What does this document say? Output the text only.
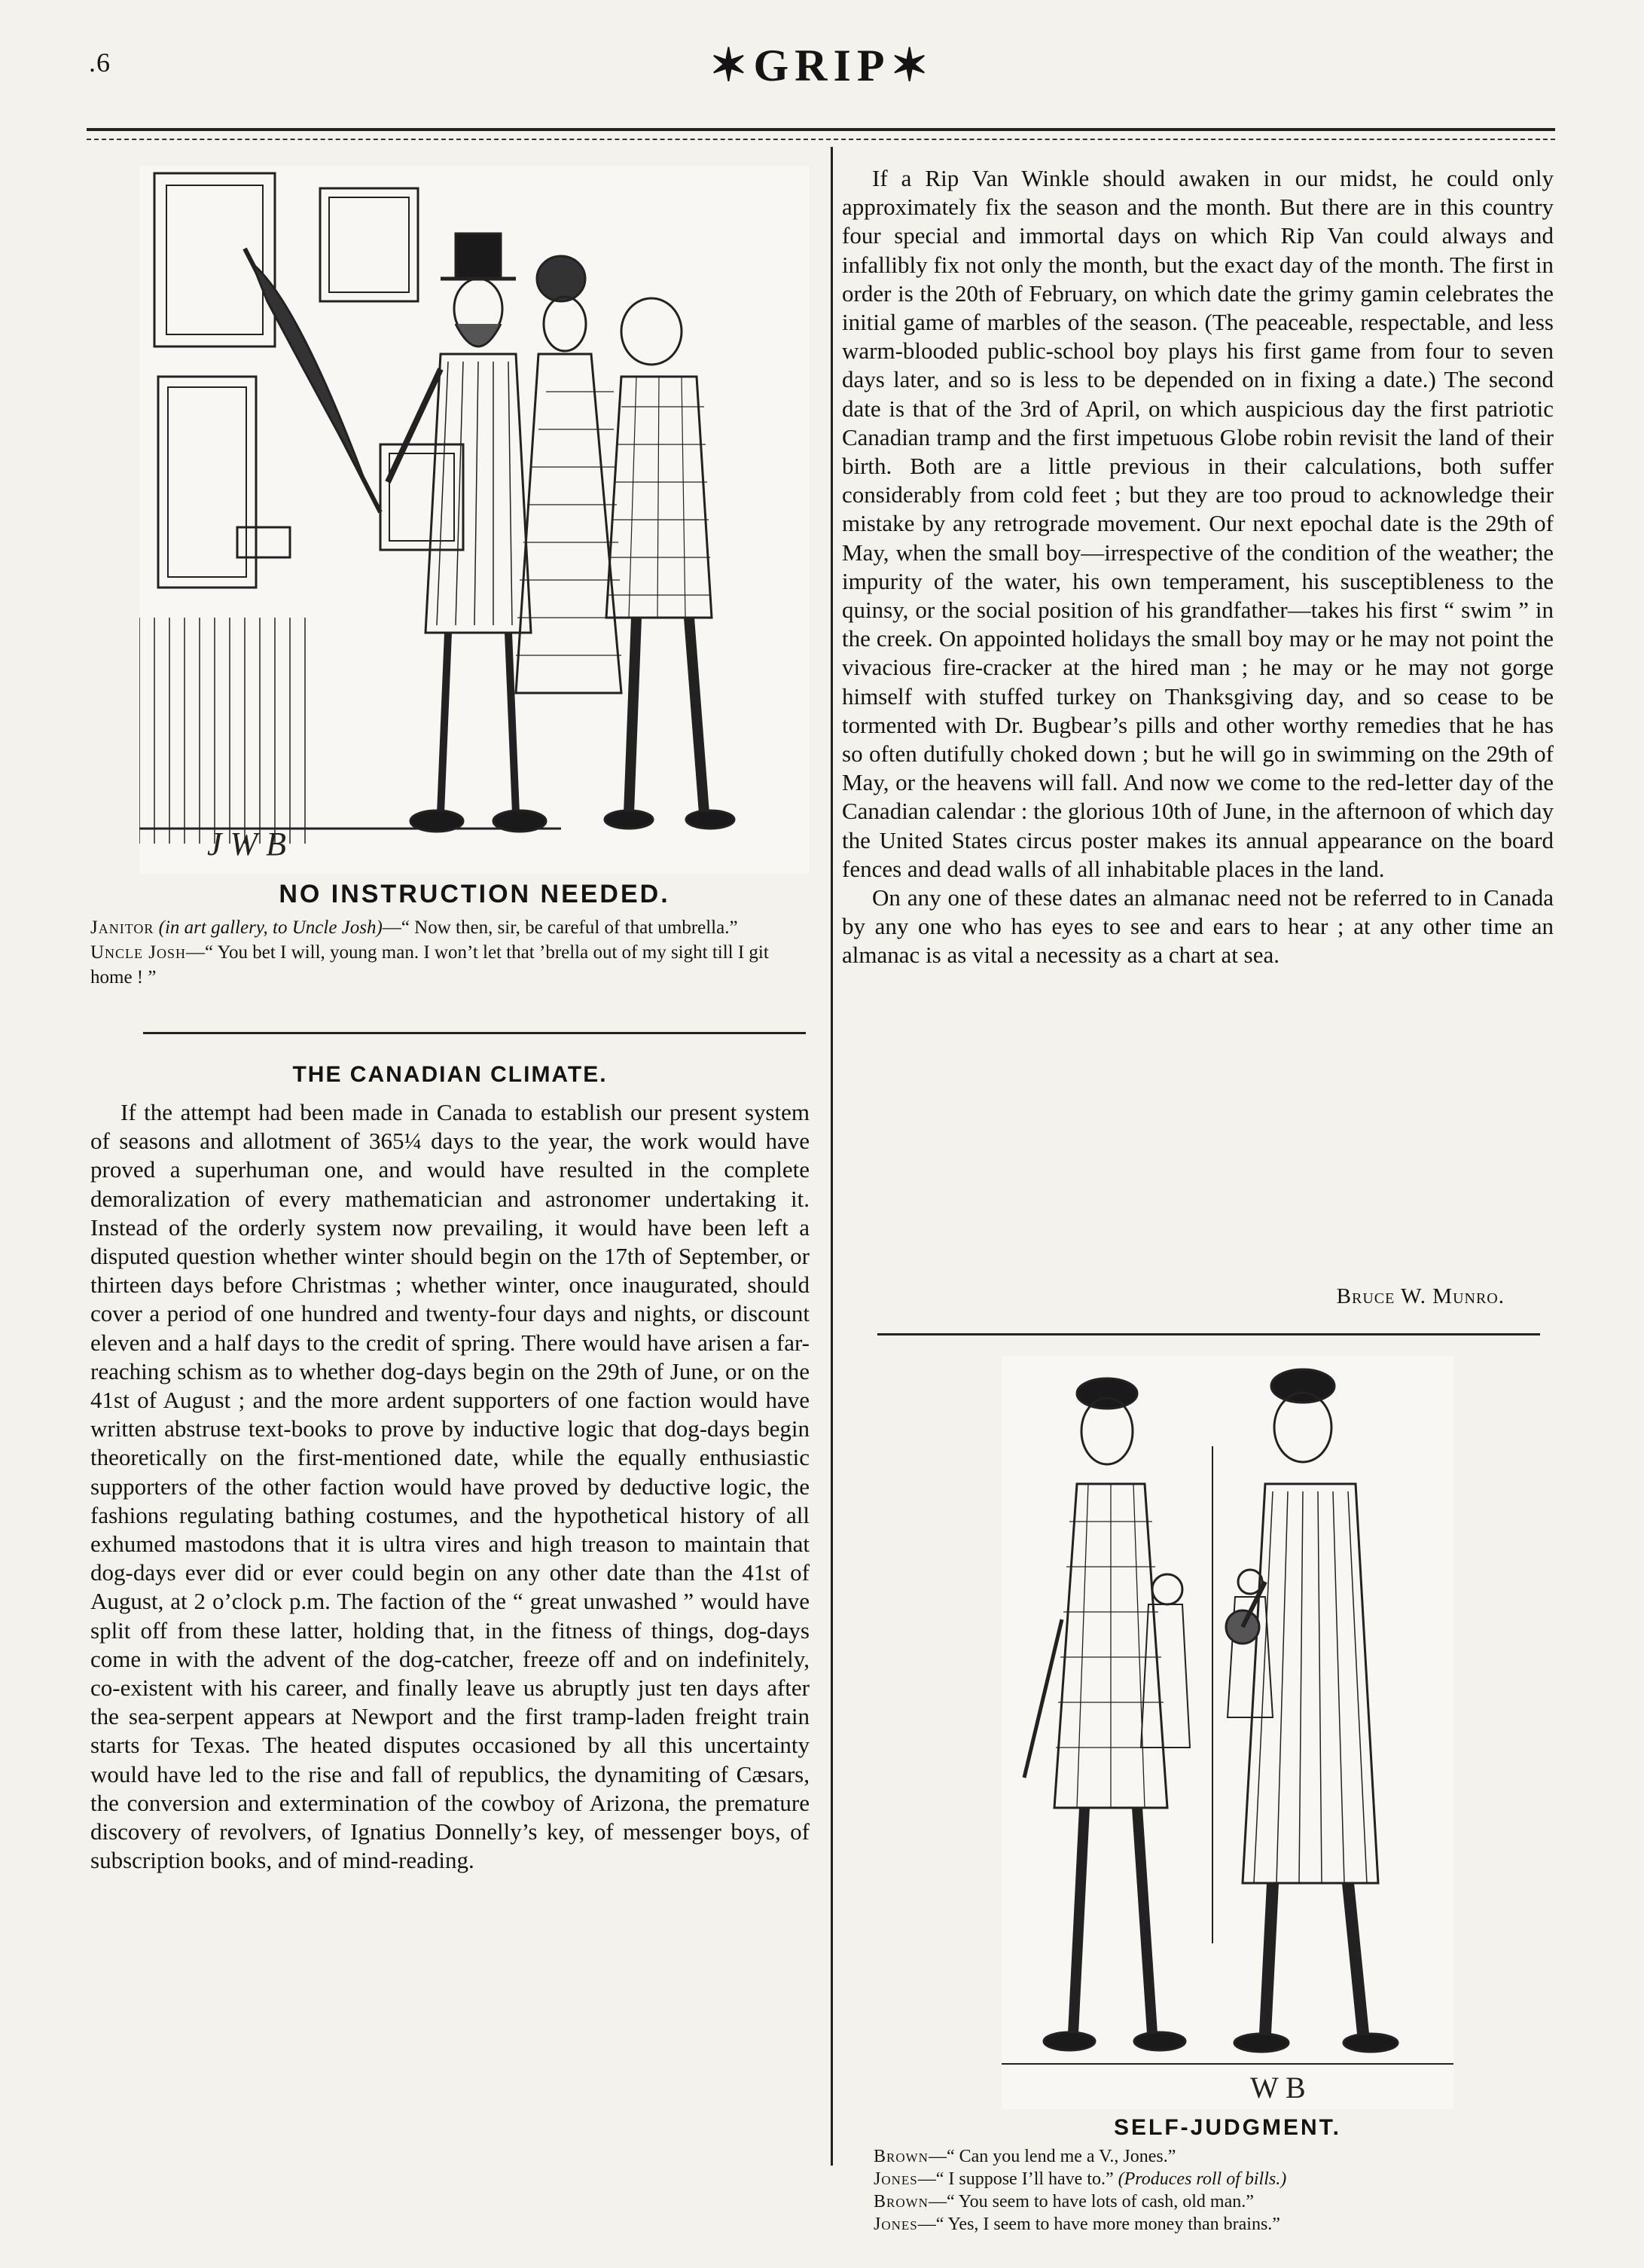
.6	✶GRIP✶
J W B
NO INSTRUCTION NEEDED.
Janitor (in art gallery, to Uncle Josh)—“ Now then, sir, be careful of that umbrella.”
Uncle Josh—“ You bet I will, young man. I won’t let that ’brella out of my sight till I git home ! ”
THE CANADIAN CLIMATE.

If the attempt had been made in Canada to establish our present system of seasons and allotment of 365¼ days to the year, the work would have proved a superhuman one, and would have resulted in the complete demoralization of every mathematician and astronomer undertaking it. Instead of the orderly system now prevailing, it would have been left a disputed question whether winter should begin on the 17th of September, or thirteen days before Christmas ; whether winter, once inaugurated, should cover a period of one hundred and twenty-four days and nights, or discount eleven and a half days to the credit of spring. There would have arisen a far-reaching schism as to whether dog-days begin on the 29th of June, or on the 41st of August ; and the more ardent supporters of one faction would have written abstruse text-books to prove by inductive logic that dog-days begin theoretically on the first-mentioned date, while the equally enthusiastic supporters of the other faction would have proved by deductive logic, the fashions regulating bathing costumes, and the hypothetical history of all exhumed mastodons that it is ultra vires and high treason to maintain that dog-days ever did or ever could begin on any other date than the 41st of August, at 2 o’clock p.m. The faction of the “ great unwashed ” would have split off from these latter, holding that, in the fitness of things, dog-days come in with the advent of the dog-catcher, freeze off and on indefinitely, co-existent with his career, and finally leave us abruptly just ten days after the sea-serpent appears at Newport and the first tramp-laden freight train starts for Texas. The heated disputes occasioned by all this uncertainty would have led to the rise and fall of republics, the dynamiting of Cæsars, the conversion and extermination of the cowboy of Arizona, the premature discovery of revolvers, of Ignatius Donnelly’s key, of messenger boys, of subscription books, and of mind-reading.

If a Rip Van Winkle should awaken in our midst, he could only approximately fix the season and the month. But there are in this country four special and immortal days on which Rip Van could always and infallibly fix not only the month, but the exact day of the month. The first in order is the 20th of February, on which date the grimy gamin celebrates the initial game of marbles of the season. (The peaceable, respectable, and less warm-blooded public-school boy plays his first game from four to seven days later, and so is less to be depended on in fixing a date.) The second date is that of the 3rd of April, on which auspicious day the first patriotic Canadian tramp and the first impetuous Globe robin revisit the land of their birth. Both are a little previous in their calculations, both suffer considerably from cold feet ; but they are too proud to acknowledge their mistake by any retrograde movement. Our next epochal date is the 29th of May, when the small boy—irrespective of the condition of the weather; the impurity of the water, his own temperament, his susceptibleness to the quinsy, or the social position of his grandfather—takes his first “ swim ” in the creek. On appointed holidays the small boy may or he may not point the vivacious fire-cracker at the hired man ; he may or he may not gorge himself with stuffed turkey on Thanksgiving day, and so cease to be tormented with Dr. Bugbear’s pills and other worthy remedies that he has so often dutifully choked down ; but he will go in swimming on the 29th of May, or the heavens will fall. And now we come to the red-letter day of the Canadian calendar : the glorious 10th of June, in the afternoon of which day the United States circus poster makes its annual appearance on the board fences and dead walls of all inhabitable places in the land.

On any one of these dates an almanac need not be referred to in Canada by any one who has eyes to see and ears to hear ; at any other time an almanac is as vital a necessity as a chart at sea.

Bruce W. Munro.
W B
SELF-JUDGMENT.
Brown—“ Can you lend me a V., Jones.”
Jones—“ I suppose I’ll have to.” (Produces roll of bills.)
Brown—“ You seem to have lots of cash, old man.”
Jones—“ Yes, I seem to have more money than brains.”
